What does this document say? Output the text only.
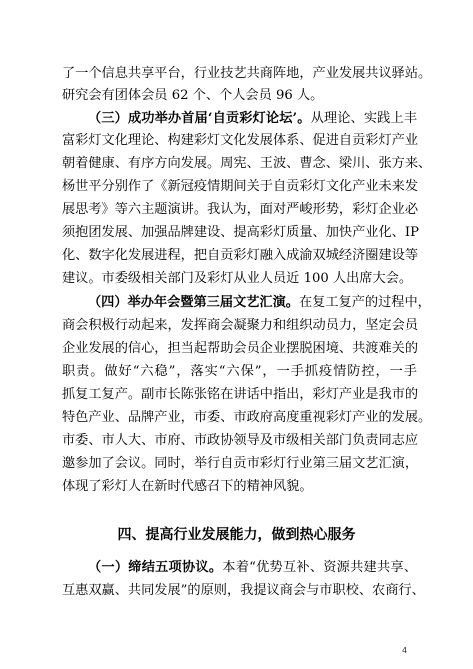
了一个信息共享平台，行业技艺共商阵地，产业发展共议驿站。
研究会有团体会员 62 个、个人会员 96 人。
（三）成功举办首届‘自贡彩灯论坛’。从理论、实践上丰
富彩灯文化理论、构建彩灯文化发展体系、促进自贡彩灯产业
朝着健康、有序方向发展。周宪、王波、曹念、梁川、张方来、
杨世平分别作了《新冠疫情期间关于自贡彩灯文化产业未来发
展思考》等六主题演讲。我认为，面对严峻形势，彩灯企业必
须抱团发展、加强品牌建设、提高彩灯质量、加快产业化、IP
化、数字化发展进程，把自贡彩灯融入成渝双城经济圈建设等
建议。市委级相关部门及彩灯从业人员近 100 人出席大会。
（四）举办年会暨第三届文艺汇演。在复工复产的过程中，
商会积极行动起来，发挥商会凝聚力和组织动员力，坚定会员
企业发展的信心，担当起帮助会员企业摆脱困境、共渡难关的
职责。做好“六稳”，落实“六保”，一手抓疫情防控，一手
抓复工复产。副市长陈张铭在讲话中指出，彩灯产业是我市的
特色产业、品牌产业，市委、市政府高度重视彩灯产业的发展。
市委、市人大、市府、市政协领导及市级相关部门负责同志应
邀参加了会议。同时，举行自贡市彩灯行业第三届文艺汇演，
体现了彩灯人在新时代感召下的精神风貌。
四、提高行业发展能力，做到热心服务
（一）缔结五项协议。本着“优势互补、资源共建共享、
互惠双赢、共同发展”的原则，我提议商会与市职校、农商行、
4
